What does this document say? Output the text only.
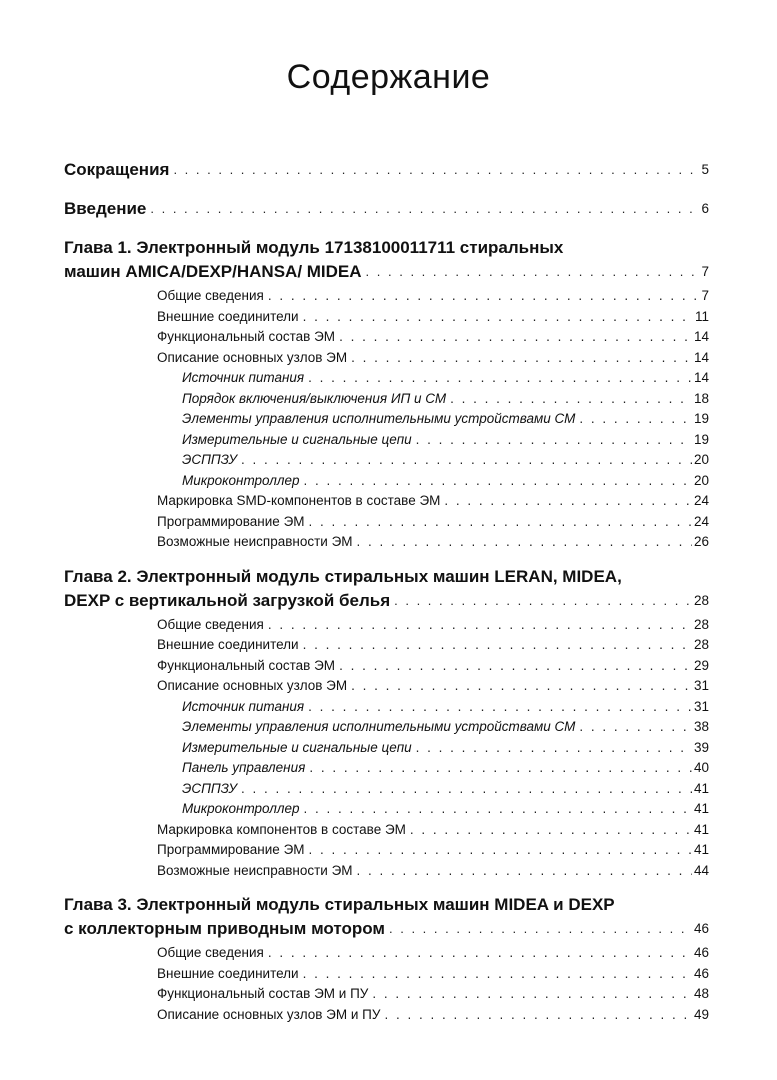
Содержание
Сокращения . . .	5
Введение . . .	6
Глава 1. Электронный модуль 17138100011711 стиральных
машин AMICA/DEXP/HANSA/ MIDEA . . .	7
Общие сведения . . .	7
Внешние соединители . . .	11
Функциональный состав ЭМ . . .	14
Описание основных узлов ЭМ . . .	14
Источник питания . . .	14
Порядок включения/выключения ИП и СМ . . .	18
Элементы управления исполнительными устройствами СМ . . .	19
Измерительные и сигнальные цепи . . .	19
ЭСППЗУ . . .	20
Микроконтроллер . . .	20
Маркировка SMD-компонентов в составе ЭМ . . .	24
Программирование ЭМ . . .	24
Возможные неисправности ЭМ . . .	26
Глава 2. Электронный модуль стиральных машин LERAN, MIDEA,
DEXP с вертикальной загрузкой белья . . .	28
Общие сведения . . .	28
Внешние соединители . . .	28
Функциональный состав ЭМ . . .	29
Описание основных узлов ЭМ . . .	31
Источник питания . . .	31
Элементы управления исполнительными устройствами СМ . . .	38
Измерительные и сигнальные цепи . . .	39
Панель управления . . .	40
ЭСППЗУ . . .	41
Микроконтроллер . . .	41
Маркировка компонентов в составе ЭМ . . .	41
Программирование ЭМ . . .	41
Возможные неисправности ЭМ . . .	44
Глава 3. Электронный модуль стиральных машин MIDEA и DEXP
с коллекторным приводным мотором . . .	46
Общие сведения . . .	46
Внешние соединители . . .	46
Функциональный состав ЭМ и ПУ . . .	48
Описание основных узлов ЭМ и ПУ . . .	49
